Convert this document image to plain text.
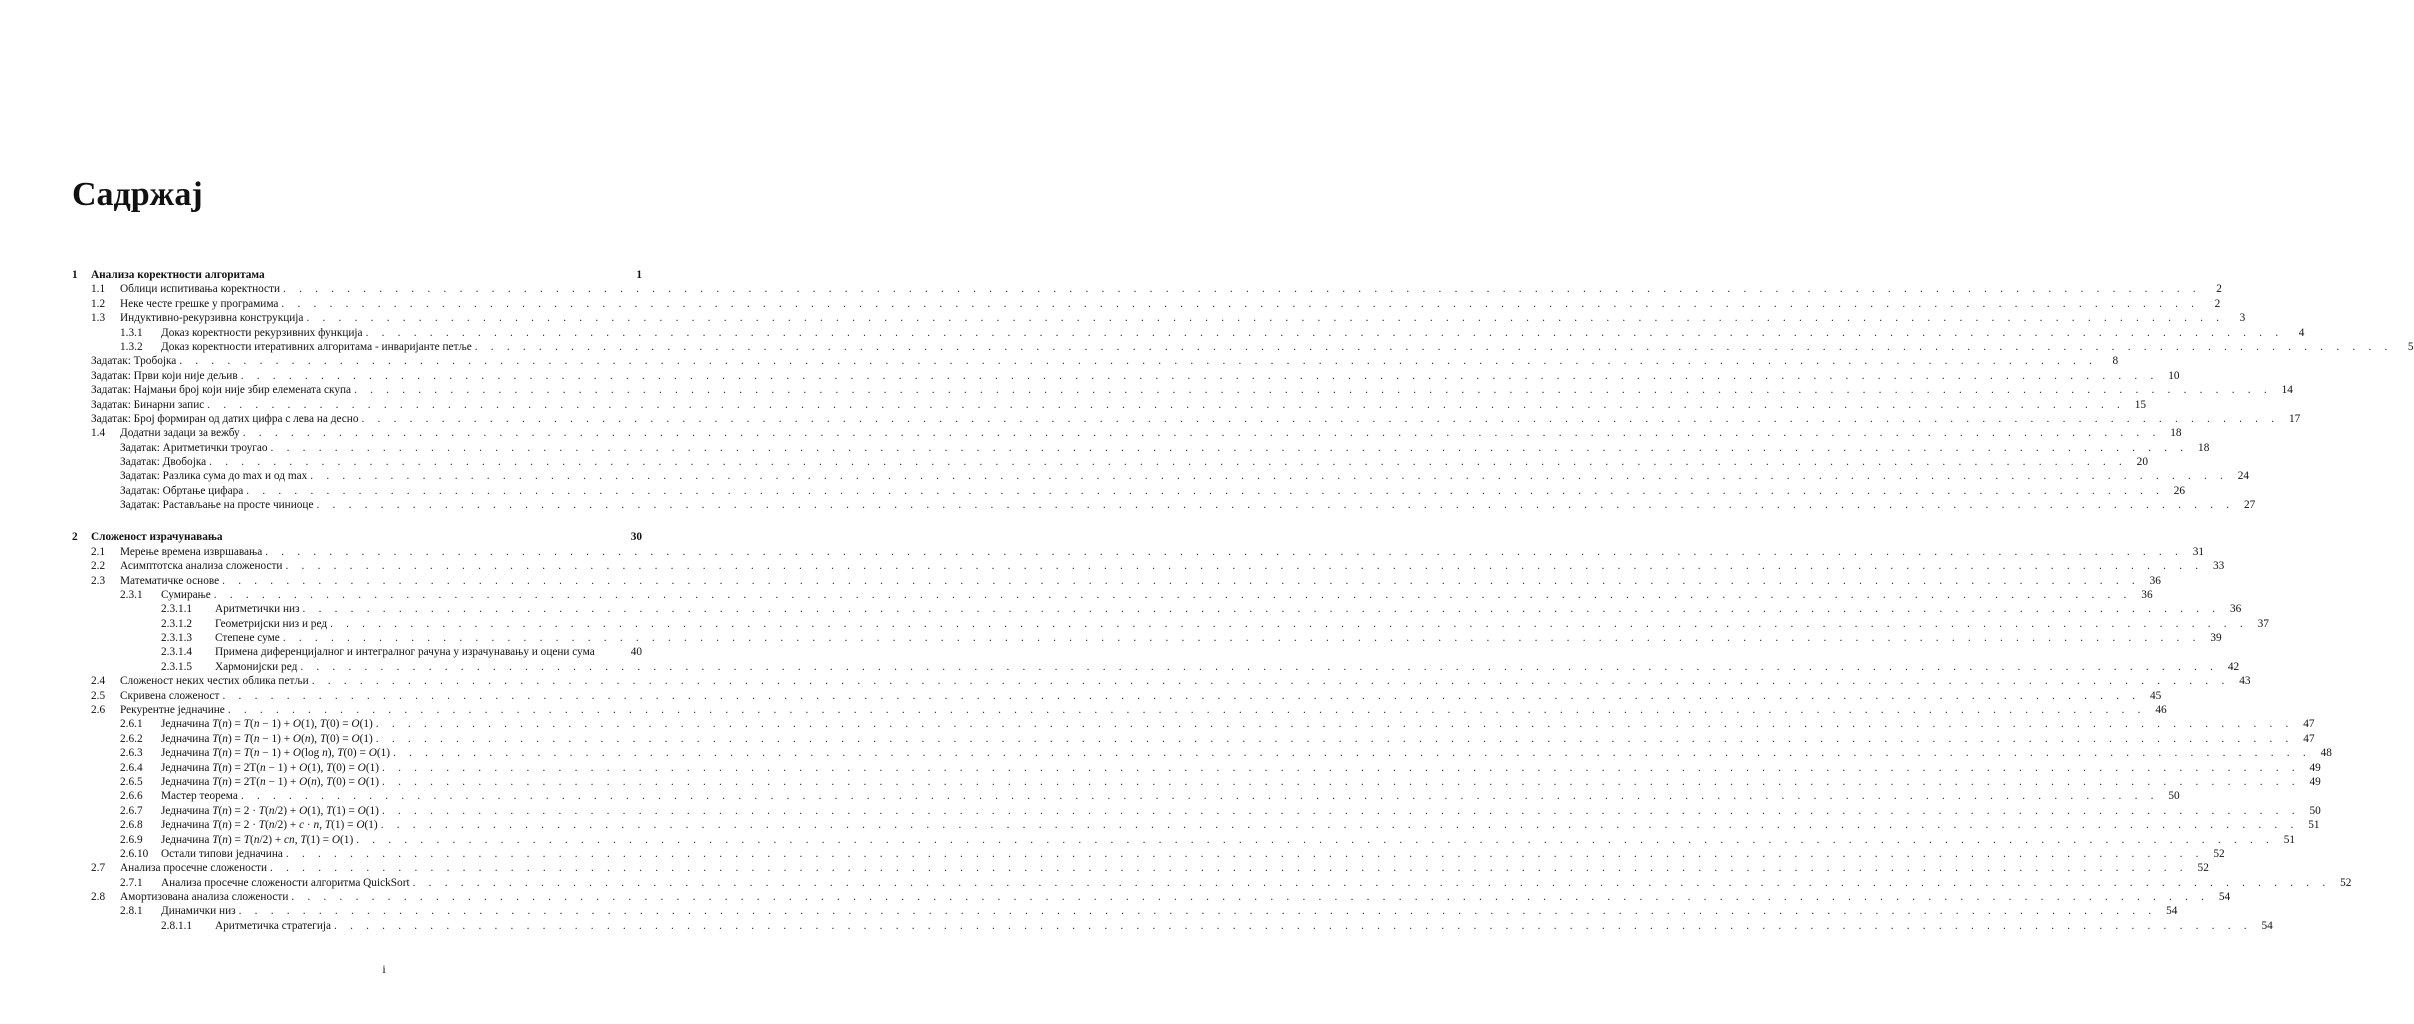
Садржај
1 Анализа коректности алгоритама	1
1.1 Облици испитивања коректности . . . . . . . . . . . . . . . . . . . . . . . . . . . . . . . . . . . . . . . . . . . . . . . . . . . . . . . . . . . . . . . . . . . . . . . . . . . . . . . . . . . . . . . . . . . . . . . . . . . . . . . . . . . . . . . . . . . . . . . .	2
1.2 Неке честе грешке у програмима . . . . . . . . . . . . . . . . . . . . . . . . . . . . . . . . . . . . . . . . . . . . . . . . . . . . . . . . . . . . . . . . . . . . . . . . . . . . . . . . . . . . . . . . . . . . . . . . . . . . . . . . . . . . . . . . . . . . . . . .	2
1.3 Индуктивно-рекурзивна конструкција . . . . . . . . . . . . . . . . . . . . . . . . . . . . . . . . . . . . . . . . . . . . . . . . . . . . . . . . . . . . . . . . . . . . . . . . . . . . . . . . . . . . . . . . . . . . . . . . . . . . . . . . . . . . . . . . . . . . . . . .	3
1.3.1 Доказ коректности рекурзивних функција . . . . . . . . . . . . . . . . . . . . . . . . . . . . . . . . . . . . . . . . . . . . . . . . . . . . . . . . . . . . . . . . . . . . . . . . . . . . . . . . . . . . . . . . . . . . . . . . . . . . . . . . . . . . . . . . . . . . . . . .	4
1.3.2 Доказ коректности итеративних алгоритама - инваријанте петље . . . . . . . . . . . . . . . . . . . . . . . . . . . . . . . . . . . . . . . . . . . . . . . . . . . . . . . . . . . . . . . . . . . . . . . . . . . . . . . . . . . . . . . . . . . . . . . . . . . . . . . . . . . . . . . . . . . . . . . .	5
Задатак: Тробојка . . . . . . . . . . . . . . . . . . . . . . . . . . . . . . . . . . . . . . . . . . . . . . . . . . . . . . . . . . . . . . . . . . . . . . . . . . . . . . . . . . . . . . . . . . . . . . . . . . . . . . . . . . . . . . . . . . . . . . . .	8
Задатак: Први који није дељив . . . . . . . . . . . . . . . . . . . . . . . . . . . . . . . . . . . . . . . . . . . . . . . . . . . . . . . . . . . . . . . . . . . . . . . . . . . . . . . . . . . . . . . . . . . . . . . . . . . . . . . . . . . . . . . . . . . . . . . . 10
Задатак: Најмањи број који није збир елемената скупа . . . . . . . . . . . . . . . . . . . . . . . . . . . . . . . . . . . . . . . . . . . . . . . . . . . . . . . . . . . . . . . . . . . . . . . . . . . . . . . . . . . . . . . . . . . . . . . . . . . . . . . . . . . . . . . . . . . . . . . . 14
Задатак: Бинарни запис . . . . . . . . . . . . . . . . . . . . . . . . . . . . . . . . . . . . . . . . . . . . . . . . . . . . . . . . . . . . . . . . . . . . . . . . . . . . . . . . . . . . . . . . . . . . . . . . . . . . . . . . . . . . . . . . . . . . . . . . 15
Задатак: Број формиран од датих цифра с лева на десно . . . . . . . . . . . . . . . . . . . . . . . . . . . . . . . . . . . . . . . . . . . . . . . . . . . . . . . . . . . . . . . . . . . . . . . . . . . . . . . . . . . . . . . . . . . . . . . . . . . . . . . . . . . . . . . . . . . . . . . . 17
1.4 Додатни задаци за вежбу . . . . . . . . . . . . . . . . . . . . . . . . . . . . . . . . . . . . . . . . . . . . . . . . . . . . . . . . . . . . . . . . . . . . . . . . . . . . . . . . . . . . . . . . . . . . . . . . . . . . . . . . . . . . . . . . . . . . . . . . 18
Задатак: Аритметички троугао . . . . . . . . . . . . . . . . . . . . . . . . . . . . . . . . . . . . . . . . . . . . . . . . . . . . . . . . . . . . . . . . . . . . . . . . . . . . . . . . . . . . . . . . . . . . . . . . . . . . . . . . . . . . . . . . . . . . . . . . 18
Задатак: Двобојка . . . . . . . . . . . . . . . . . . . . . . . . . . . . . . . . . . . . . . . . . . . . . . . . . . . . . . . . . . . . . . . . . . . . . . . . . . . . . . . . . . . . . . . . . . . . . . . . . . . . . . . . . . . . . . . . . . . . . . . . 20
Задатак: Разлика сума до max и од max . . . . . . . . . . . . . . . . . . . . . . . . . . . . . . . . . . . . . . . . . . . . . . . . . . . . . . . . . . . . . . . . . . . . . . . . . . . . . . . . . . . . . . . . . . . . . . . . . . . . . . . . . . . . . . . . . . . . . . . . 24
Задатак: Обртање цифара . . . . . . . . . . . . . . . . . . . . . . . . . . . . . . . . . . . . . . . . . . . . . . . . . . . . . . . . . . . . . . . . . . . . . . . . . . . . . . . . . . . . . . . . . . . . . . . . . . . . . . . . . . . . . . . . . . . . . . . . 26
Задатак: Растављање на просте чиниоце . . . . . . . . . . . . . . . . . . . . . . . . . . . . . . . . . . . . . . . . . . . . . . . . . . . . . . . . . . . . . . . . . . . . . . . . . . . . . . . . . . . . . . . . . . . . . . . . . . . . . . . . . . . . . . . . . . . . . . . . 27
2 Сложеност израчунавања	30
2.1 Мерење времена извршавања . . . . . . . . . . . . . . . . . . . . . . . . . . . . . . . . . . . . . . . . . . . . . . . . . . . . . . . . . . . . . . . . . . . . . . . . . . . . . . . . . . . . . . . . . . . . . . . . . . . . . . . . . . . . . . . . . . . . . . . . 31
2.2 Асимптотска анализа сложености . . . . . . . . . . . . . . . . . . . . . . . . . . . . . . . . . . . . . . . . . . . . . . . . . . . . . . . . . . . . . . . . . . . . . . . . . . . . . . . . . . . . . . . . . . . . . . . . . . . . . . . . . . . . . . . . . . . . . . . . 33
2.3 Математичке основе . . . . . . . . . . . . . . . . . . . . . . . . . . . . . . . . . . . . . . . . . . . . . . . . . . . . . . . . . . . . . . . . . . . . . . . . . . . . . . . . . . . . . . . . . . . . . . . . . . . . . . . . . . . . . . . . . . . . . . . . 36
2.3.1 Сумирање . . . . . . . . . . . . . . . . . . . . . . . . . . . . . . . . . . . . . . . . . . . . . . . . . . . . . . . . . . . . . . . . . . . . . . . . . . . . . . . . . . . . . . . . . . . . . . . . . . . . . . . . . . . . . . . . . . . . . . . . 36
2.3.1.1 Аритметички низ . . . . . . . . . . . . . . . . . . . . . . . . . . . . . . . . . . . . . . . . . . . . . . . . . . . . . . . . . . . . . . . . . . . . . . . . . . . . . . . . . . . . . . . . . . . . . . . . . . . . . . . . . . . . . . . . . . . . . . . . 36
2.3.1.2 Геометријски низ и ред . . . . . . . . . . . . . . . . . . . . . . . . . . . . . . . . . . . . . . . . . . . . . . . . . . . . . . . . . . . . . . . . . . . . . . . . . . . . . . . . . . . . . . . . . . . . . . . . . . . . . . . . . . . . . . . . . . . . . . . . 37
2.3.1.3 Степене суме . . . . . . . . . . . . . . . . . . . . . . . . . . . . . . . . . . . . . . . . . . . . . . . . . . . . . . . . . . . . . . . . . . . . . . . . . . . . . . . . . . . . . . . . . . . . . . . . . . . . . . . . . . . . . . . . . . . . . . . . 39
2.3.1.4 Примена диференцијалног и интегралног рачуна у израчунавању и оцени сума	40
2.3.1.5 Хармонијски ред . . . . . . . . . . . . . . . . . . . . . . . . . . . . . . . . . . . . . . . . . . . . . . . . . . . . . . . . . . . . . . . . . . . . . . . . . . . . . . . . . . . . . . . . . . . . . . . . . . . . . . . . . . . . . . . . . . . . . . . . 42
2.4 Сложеност неких честих облика петљи . . . . . . . . . . . . . . . . . . . . . . . . . . . . . . . . . . . . . . . . . . . . . . . . . . . . . . . . . . . . . . . . . . . . . . . . . . . . . . . . . . . . . . . . . . . . . . . . . . . . . . . . . . . . . . . . . . . . . . . . 43
2.5 Скривена сложеност . . . . . . . . . . . . . . . . . . . . . . . . . . . . . . . . . . . . . . . . . . . . . . . . . . . . . . . . . . . . . . . . . . . . . . . . . . . . . . . . . . . . . . . . . . . . . . . . . . . . . . . . . . . . . . . . . . . . . . . . 45
2.6 Рекурентне једначине . . . . . . . . . . . . . . . . . . . . . . . . . . . . . . . . . . . . . . . . . . . . . . . . . . . . . . . . . . . . . . . . . . . . . . . . . . . . . . . . . . . . . . . . . . . . . . . . . . . . . . . . . . . . . . . . . . . . . . . . 46
2.6.1 Једначина T(n) = T(n − 1) + O(1), T(0) = O(1) . . . . . . . . . . . . . . . . . . . . . . . . . . . . . . . . . . . . . . . . . . . . . . . . . . . . . . . . . . . . . . . . . . . . . . . . . . . . . . . . . . . . . . . . . . . . . . . . . . . . . . . . . . . . . . . . . . . . . . . . 47
2.6.2 Једначина T(n) = T(n − 1) + O(n), T(0) = O(1) . . . . . . . . . . . . . . . . . . . . . . . . . . . . . . . . . . . . . . . . . . . . . . . . . . . . . . . . . . . . . . . . . . . . . . . . . . . . . . . . . . . . . . . . . . . . . . . . . . . . . . . . . . . . . . . . . . . . . . . . 47
2.6.3 Једначина T(n) = T(n − 1) + O(log n), T(0) = O(1) . . . . . . . . . . . . . . . . . . . . . . . . . . . . . . . . . . . . . . . . . . . . . . . . . . . . . . . . . . . . . . . . . . . . . . . . . . . . . . . . . . . . . . . . . . . . . . . . . . . . . . . . . . . . . . . . . . . . . . . . 48
2.6.4 Једначина T(n) = 2T(n − 1) + O(1), T(0) = O(1) . . . . . . . . . . . . . . . . . . . . . . . . . . . . . . . . . . . . . . . . . . . . . . . . . . . . . . . . . . . . . . . . . . . . . . . . . . . . . . . . . . . . . . . . . . . . . . . . . . . . . . . . . . . . . . . . . . . . . . . . 49
2.6.5 Једначина T(n) = 2T(n − 1) + O(n), T(0) = O(1) . . . . . . . . . . . . . . . . . . . . . . . . . . . . . . . . . . . . . . . . . . . . . . . . . . . . . . . . . . . . . . . . . . . . . . . . . . . . . . . . . . . . . . . . . . . . . . . . . . . . . . . . . . . . . . . . . . . . . . . . 49
2.6.6 Мастер теорема . . . . . . . . . . . . . . . . . . . . . . . . . . . . . . . . . . . . . . . . . . . . . . . . . . . . . . . . . . . . . . . . . . . . . . . . . . . . . . . . . . . . . . . . . . . . . . . . . . . . . . . . . . . . . . . . . . . . . . . . 50
2.6.7 Једначина T(n) = 2 · T(n/2) + O(1), T(1) = O(1) . . . . . . . . . . . . . . . . . . . . . . . . . . . . . . . . . . . . . . . . . . . . . . . . . . . . . . . . . . . . . . . . . . . . . . . . . . . . . . . . . . . . . . . . . . . . . . . . . . . . . . . . . . . . . . . . . . . . . . . . 50
2.6.8 Једначина T(n) = 2 · T(n/2) + c · n, T(1) = O(1) . . . . . . . . . . . . . . . . . . . . . . . . . . . . . . . . . . . . . . . . . . . . . . . . . . . . . . . . . . . . . . . . . . . . . . . . . . . . . . . . . . . . . . . . . . . . . . . . . . . . . . . . . . . . . . . . . . . . . . . . 51
2.6.9 Једначина T(n) = T(n/2) + cn, T(1) = O(1) . . . . . . . . . . . . . . . . . . . . . . . . . . . . . . . . . . . . . . . . . . . . . . . . . . . . . . . . . . . . . . . . . . . . . . . . . . . . . . . . . . . . . . . . . . . . . . . . . . . . . . . . . . . . . . . . . . . . . . . . 51
2.6.10 Остали типови једначина . . . . . . . . . . . . . . . . . . . . . . . . . . . . . . . . . . . . . . . . . . . . . . . . . . . . . . . . . . . . . . . . . . . . . . . . . . . . . . . . . . . . . . . . . . . . . . . . . . . . . . . . . . . . . . . . . . . . . . . . 52
2.7 Анализа просечне сложености . . . . . . . . . . . . . . . . . . . . . . . . . . . . . . . . . . . . . . . . . . . . . . . . . . . . . . . . . . . . . . . . . . . . . . . . . . . . . . . . . . . . . . . . . . . . . . . . . . . . . . . . . . . . . . . . . . . . . . . . 52
2.7.1 Анализа просечне сложености алгоритма QuickSort . . . . . . . . . . . . . . . . . . . . . . . . . . . . . . . . . . . . . . . . . . . . . . . . . . . . . . . . . . . . . . . . . . . . . . . . . . . . . . . . . . . . . . . . . . . . . . . . . . . . . . . . . . . . . . . . . . . . . . . . 52
2.8 Амортизована анализа сложености . . . . . . . . . . . . . . . . . . . . . . . . . . . . . . . . . . . . . . . . . . . . . . . . . . . . . . . . . . . . . . . . . . . . . . . . . . . . . . . . . . . . . . . . . . . . . . . . . . . . . . . . . . . . . . . . . . . . . . . . 54
2.8.1 Динамички низ . . . . . . . . . . . . . . . . . . . . . . . . . . . . . . . . . . . . . . . . . . . . . . . . . . . . . . . . . . . . . . . . . . . . . . . . . . . . . . . . . . . . . . . . . . . . . . . . . . . . . . . . . . . . . . . . . . . . . . . . 54
2.8.1.1 Аритметичка стратегија . . . . . . . . . . . . . . . . . . . . . . . . . . . . . . . . . . . . . . . . . . . . . . . . . . . . . . . . . . . . . . . . . . . . . . . . . . . . . . . . . . . . . . . . . . . . . . . . . . . . . . . . . . . . . . . . . . . . . . . . 54
i
